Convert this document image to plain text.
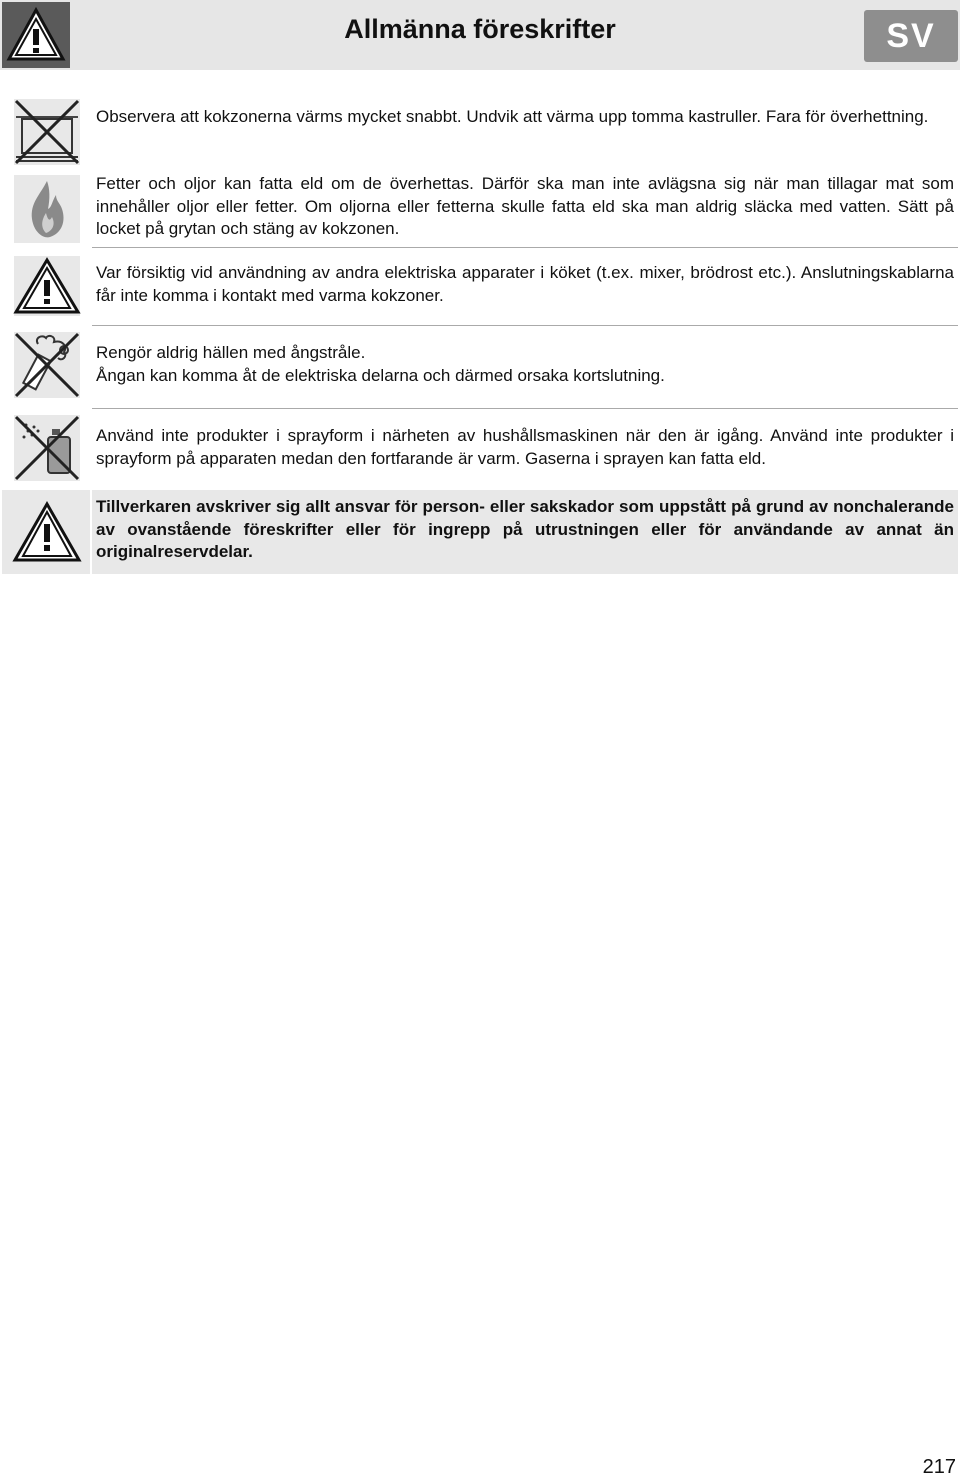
Allmänna föreskrifter	SV

Observera att kokzonerna värms mycket snabbt. Undvik att värma upp tomma kastruller. Fara för överhettning.

Fetter och oljor kan fatta eld om de överhettas. Därför ska man inte avlägsna sig när man tillagar mat som innehåller oljor eller fetter. Om oljorna eller fetterna skulle fatta eld ska man aldrig släcka med vatten. Sätt på locket på grytan och stäng av kokzonen.

Var försiktig vid användning av andra elektriska apparater i köket (t.ex. mixer, brödrost etc.). Anslutningskablarna får inte komma i kontakt med varma kokzoner.

Rengör aldrig hällen med ångstråle.

Ångan kan komma åt de elektriska delarna och därmed orsaka kortslutning.

Använd inte produkter i sprayform i närheten av hushållsmaskinen när den är igång. Använd inte produkter i sprayform på apparaten medan den fortfarande är varm. Gaserna i sprayen kan fatta eld.

Tillverkaren avskriver sig allt ansvar för person- eller sakskador som uppstått på grund av nonchalerande av ovanstående föreskrifter eller för ingrepp på utrustningen eller för användande av annat än originalreservdelar.

217
